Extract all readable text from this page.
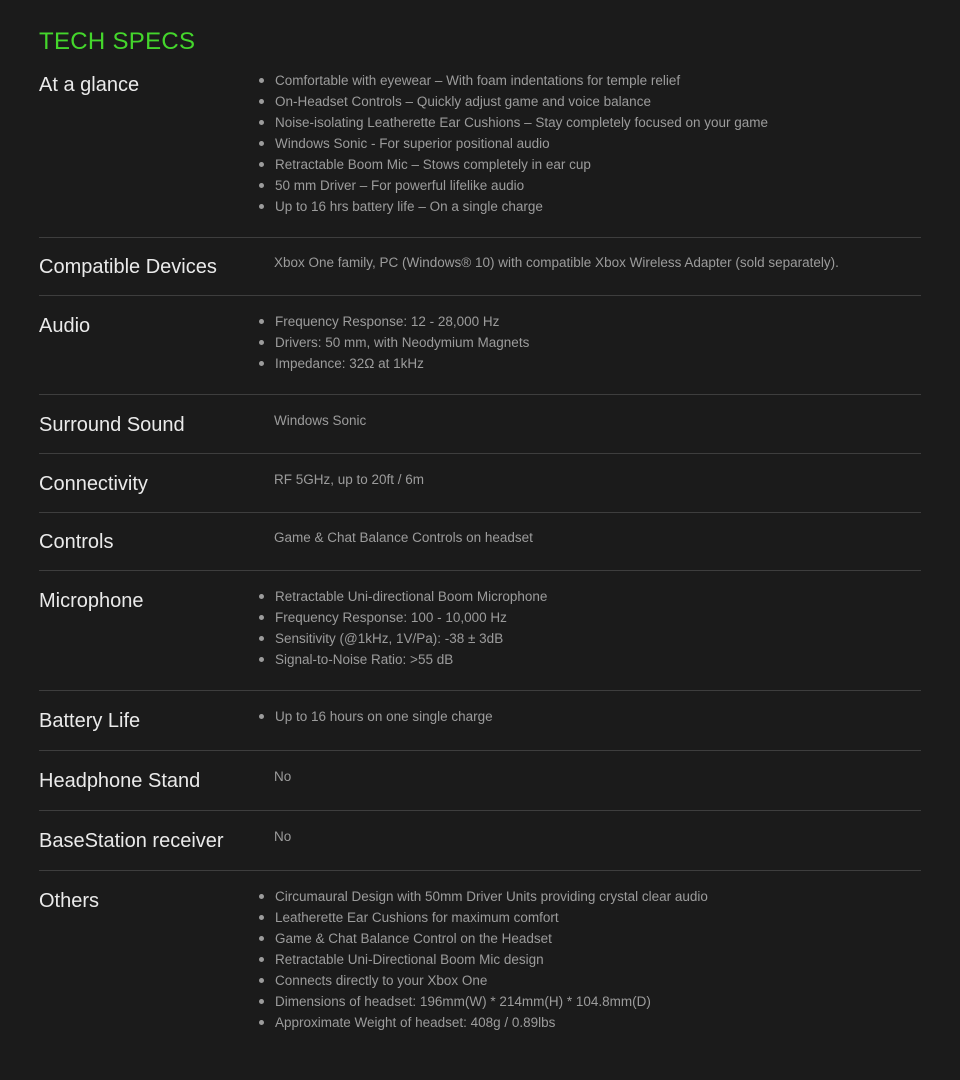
TECH SPECS
At a glance	Comfortable with eyewear – With foam indentations for temple relief
On-Headset Controls – Quickly adjust game and voice balance
Noise-isolating Leatherette Ear Cushions – Stay completely focused on your game
Windows Sonic - For superior positional audio
Retractable Boom Mic – Stows completely in ear cup
50 mm Driver – For powerful lifelike audio
Up to 16 hrs battery life – On a single charge
Compatible Devices	Xbox One family, PC (Windows® 10) with compatible Xbox Wireless Adapter (sold separately).
Audio	Frequency Response: 12 - 28,000 Hz
Drivers: 50 mm, with Neodymium Magnets
Impedance: 32Ω at 1kHz
Surround Sound	Windows Sonic
Connectivity	RF 5GHz, up to 20ft / 6m
Controls	Game & Chat Balance Controls on headset
Microphone	Retractable Uni-directional Boom Microphone
Frequency Response: 100 - 10,000 Hz
Sensitivity (@1kHz, 1V/Pa): -38 ± 3dB
Signal-to-Noise Ratio: >55 dB
Battery Life	Up to 16 hours on one single charge
Headphone Stand	No
BaseStation receiver	No
Others	Circumaural Design with 50mm Driver Units providing crystal clear audio
Leatherette Ear Cushions for maximum comfort
Game & Chat Balance Control on the Headset
Retractable Uni-Directional Boom Mic design
Connects directly to your Xbox One
Dimensions of headset: 196mm(W) * 214mm(H) * 104.8mm(D)
Approximate Weight of headset: 408g / 0.89lbs
